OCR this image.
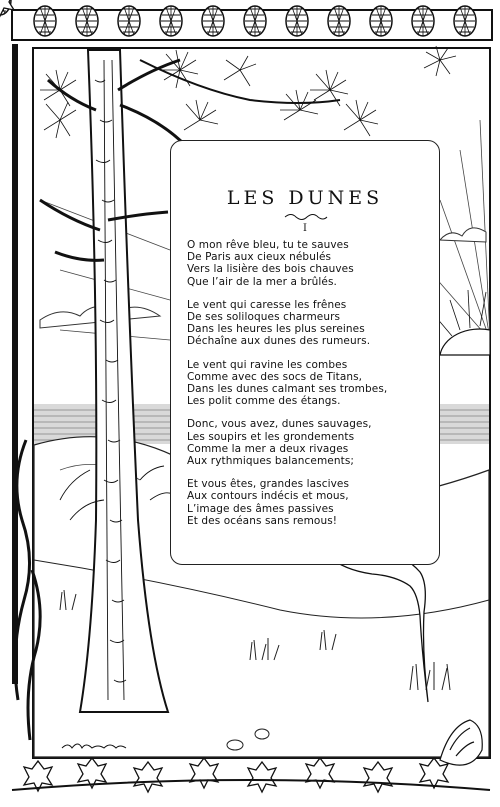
LES DUNES
I
O mon rêve bleu, tu te sauves
De Paris aux cieux nébulés
Vers la lisière des bois chauves
Que l’air de la mer a brûlés.
Le vent qui caresse les frênes
De ses soliloques charmeurs
Dans les heures les plus sereines
Déchaîne aux dunes des rumeurs.
Le vent qui ravine les combes
Comme avec des socs de Titans,
Dans les dunes calmant ses trombes,
Les polit comme des étangs.
Donc, vous avez, dunes sauvages,
Les soupirs et les grondements
Comme la mer a deux rivages
Aux rythmiques balancements;
Et vous êtes, grandes lascives
Aux contours indécis et mous,
L’image des âmes passives
Et des océans sans remous!
